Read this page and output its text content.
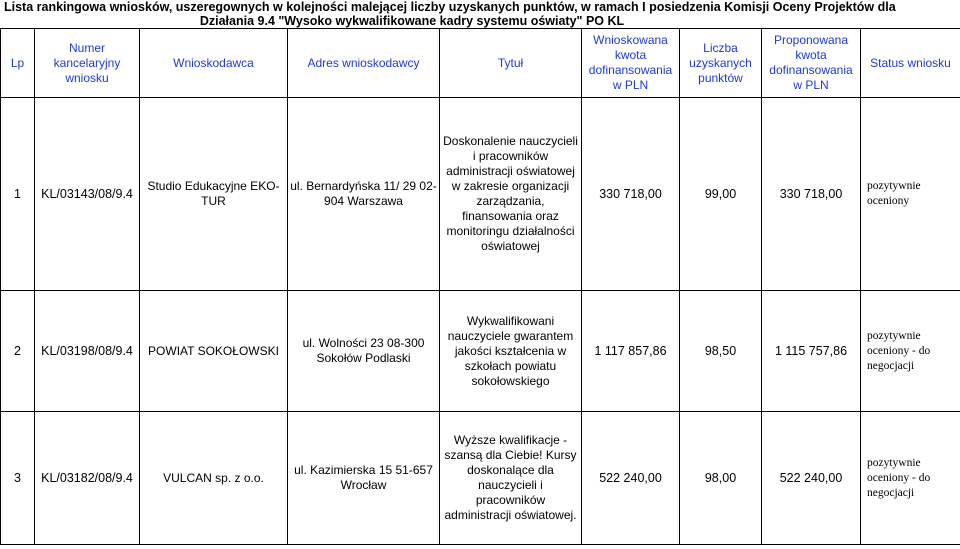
Lista rankingowa wniosków, uszeregownych w kolejności malejącej liczby uzyskanych punktów, w ramach I posiedzenia Komisji Oceny Projektów dla
Działania 9.4 "Wysoko wykwalifikowane kadry systemu oświaty" PO KL
Lp	Numer kancelaryjny wniosku	Wnioskodawca	Adres wnioskodawcy	Tytuł	Wnioskowana kwota dofinansowania w PLN	Liczba uzyskanych punktów	Proponowana kwota dofinansowania w PLN	Status wniosku
1	KL/03143/08/9.4	Studio Edukacyjne EKO-TUR	ul. Bernardyńska 11/ 29 02-904 Warszawa	Doskonalenie nauczycieli i pracowników administracji oświatowej w zakresie organizacji zarządzania, finansowania oraz monitoringu działalności oświatowej	330 718,00	99,00	330 718,00	pozytywnie oceniony
2	KL/03198/08/9.4	POWIAT SOKOŁOWSKI	ul. Wolności 23 08-300 Sokołów Podlaski	Wykwalifikowani nauczyciele gwarantem jakości kształcenia w szkołach powiatu sokołowskiego	1 117 857,86	98,50	1 115 757,86	pozytywnie oceniony - do negocjacji
3	KL/03182/08/9.4	VULCAN sp. z o.o.	ul. Kazimierska 15 51-657 Wrocław	Wyższe kwalifikacje - szansą dla Ciebie! Kursy doskonalące dla nauczycieli i pracowników administracji oświatowej.	522 240,00	98,00	522 240,00	pozytywnie oceniony - do negocjacji
